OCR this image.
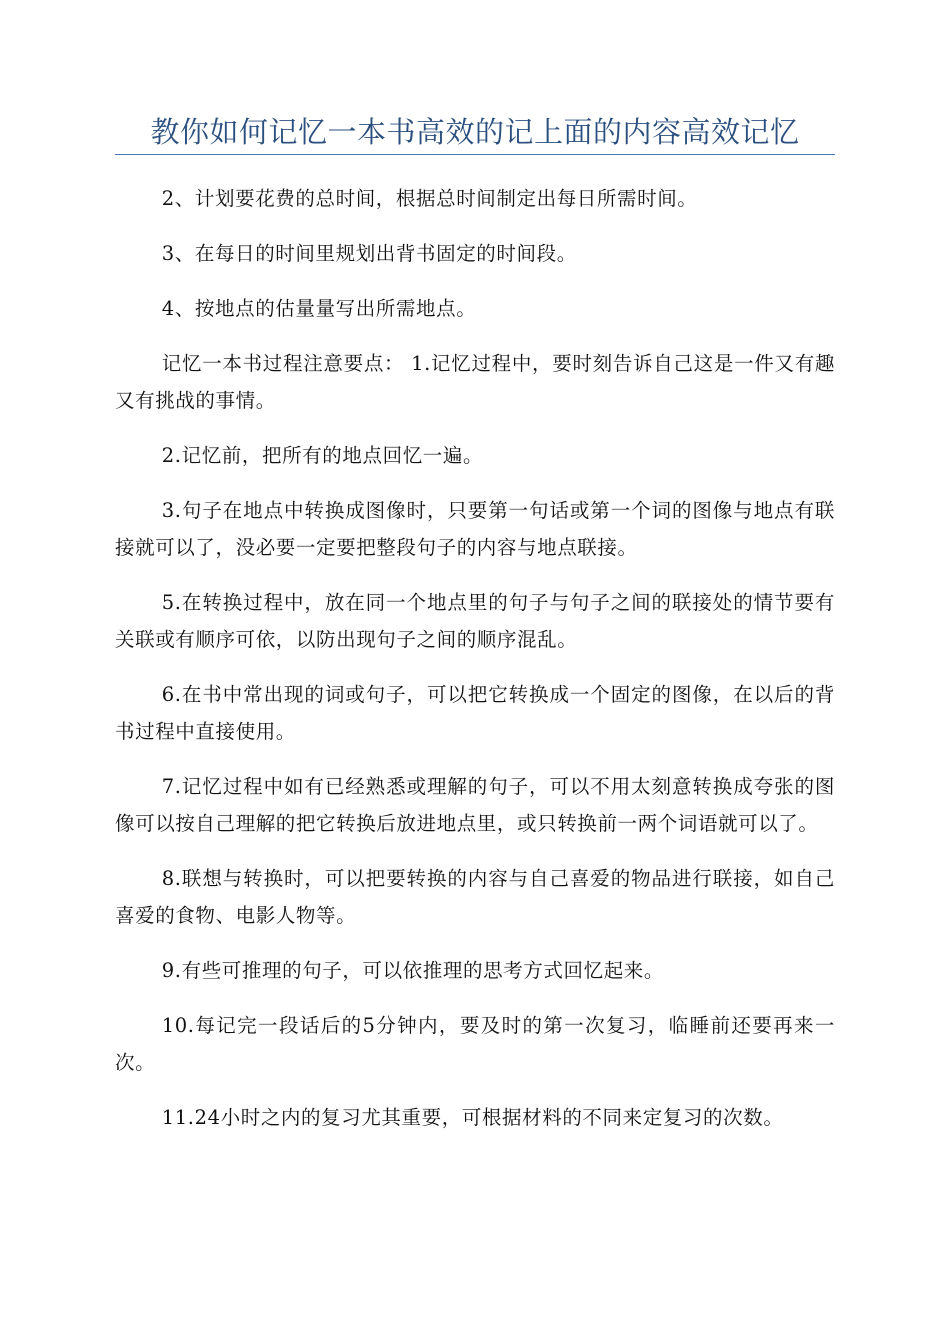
教你如何记忆一本书高效的记上面的内容高效记忆

2、计划要花费的总时间，根据总时间制定出每日所需时间。

3、在每日的时间里规划出背书固定的时间段。

4、按地点的估量量写出所需地点。

记忆一本书过程注意要点： 1.记忆过程中，要时刻告诉自己这是一件又有趣又有挑战的事情。

2.记忆前，把所有的地点回忆一遍。

3.句子在地点中转换成图像时，只要第一句话或第一个词的图像与地点有联接就可以了，没必要一定要把整段句子的内容与地点联接。

5.在转换过程中，放在同一个地点里的句子与句子之间的联接处的情节要有关联或有顺序可依，以防出现句子之间的顺序混乱。

6.在书中常出现的词或句子，可以把它转换成一个固定的图像，在以后的背书过程中直接使用。

7.记忆过程中如有已经熟悉或理解的句子，可以不用太刻意转换成夸张的图像可以按自己理解的把它转换后放进地点里，或只转换前一两个词语就可以了。

8.联想与转换时，可以把要转换的内容与自己喜爱的物品进行联接，如自己喜爱的食物、电影人物等。

9.有些可推理的句子，可以依推理的思考方式回忆起来。

10.每记完一段话后的5分钟内，要及时的第一次复习，临睡前还要再来一次。

11.24小时之内的复习尤其重要，可根据材料的不同来定复习的次数。
